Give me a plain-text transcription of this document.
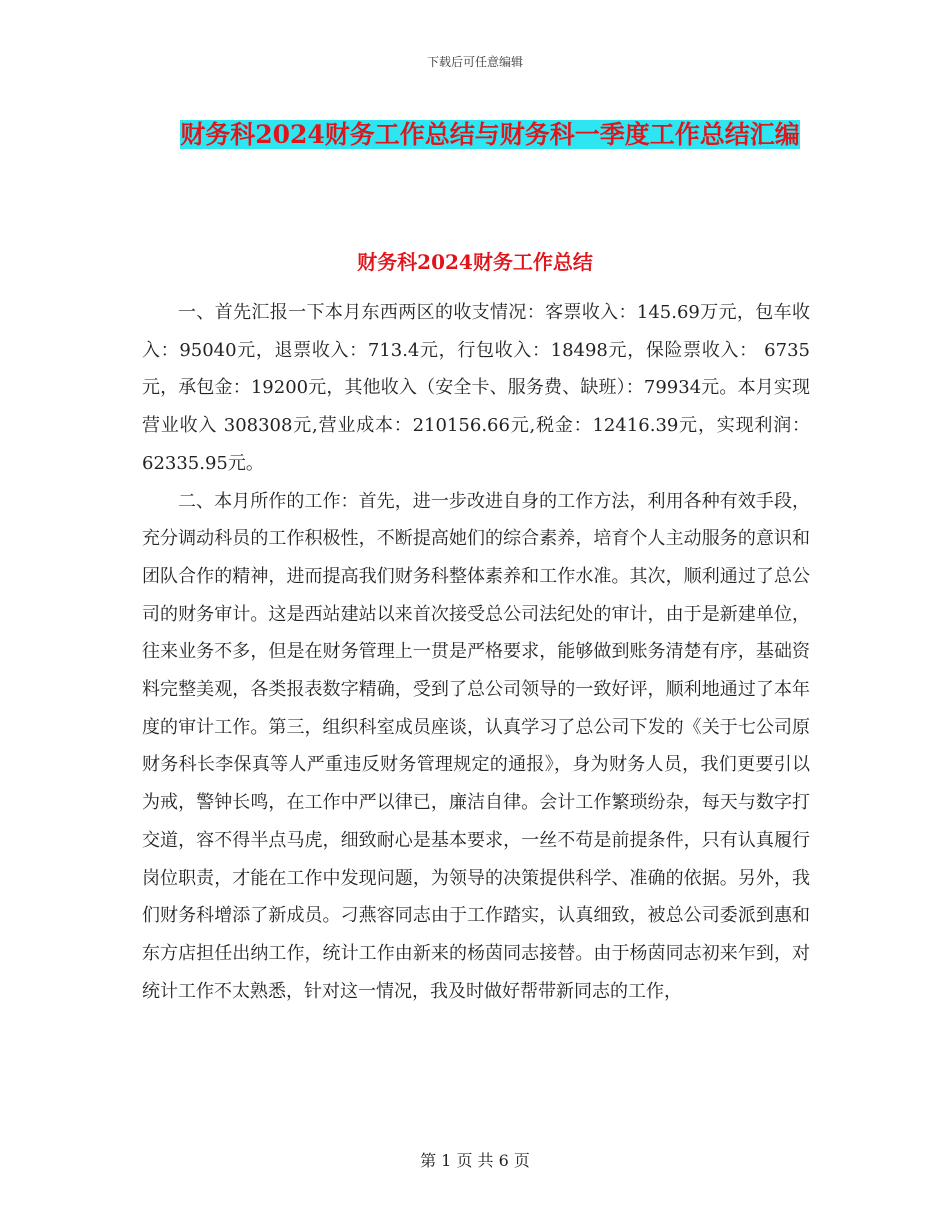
下载后可任意编辑
财务科2024财务工作总结与财务科一季度工作总结汇编
财务科2024财务工作总结

一、首先汇报一下本月东西两区的收支情况：客票收入：145.69万元，包车收入：95040元，退票收入：713.4元，行包收入：18498元，保险票收入： 6735元，承包金：19200元，其他收入（安全卡、服务费、缺班）：79934元。本月实现营业收入 308308元,营业成本：210156.66元,税金：12416.39元，实现利润：62335.95元。

二、本月所作的工作：首先，进一步改进自身的工作方法，利用各种有效手段，充分调动科员的工作积极性，不断提高她们的综合素养，培育个人主动服务的意识和团队合作的精神，进而提高我们财务科整体素养和工作水准。其次，顺利通过了总公司的财务审计。这是西站建站以来首次接受总公司法纪处的审计，由于是新建单位，往来业务不多，但是在财务管理上一贯是严格要求，能够做到账务清楚有序，基础资料完整美观，各类报表数字精确，受到了总公司领导的一致好评，顺利地通过了本年度的审计工作。第三，组织科室成员座谈，认真学习了总公司下发的《关于七公司原财务科长李保真等人严重违反财务管理规定的通报》，身为财务人员，我们更要引以为戒，警钟长鸣，在工作中严以律已，廉洁自律。会计工作繁琐纷杂，每天与数字打交道，容不得半点马虎，细致耐心是基本要求，一丝不苟是前提条件，只有认真履行岗位职责，才能在工作中发现问题，为领导的决策提供科学、准确的依据。另外，我们财务科增添了新成员。刁燕容同志由于工作踏实，认真细致，被总公司委派到惠和东方店担任出纳工作，统计工作由新来的杨茵同志接替。由于杨茵同志初来乍到，对统计工作不太熟悉，针对这一情况，我及时做好帮带新同志的工作，

第 1 页 共 6 页
